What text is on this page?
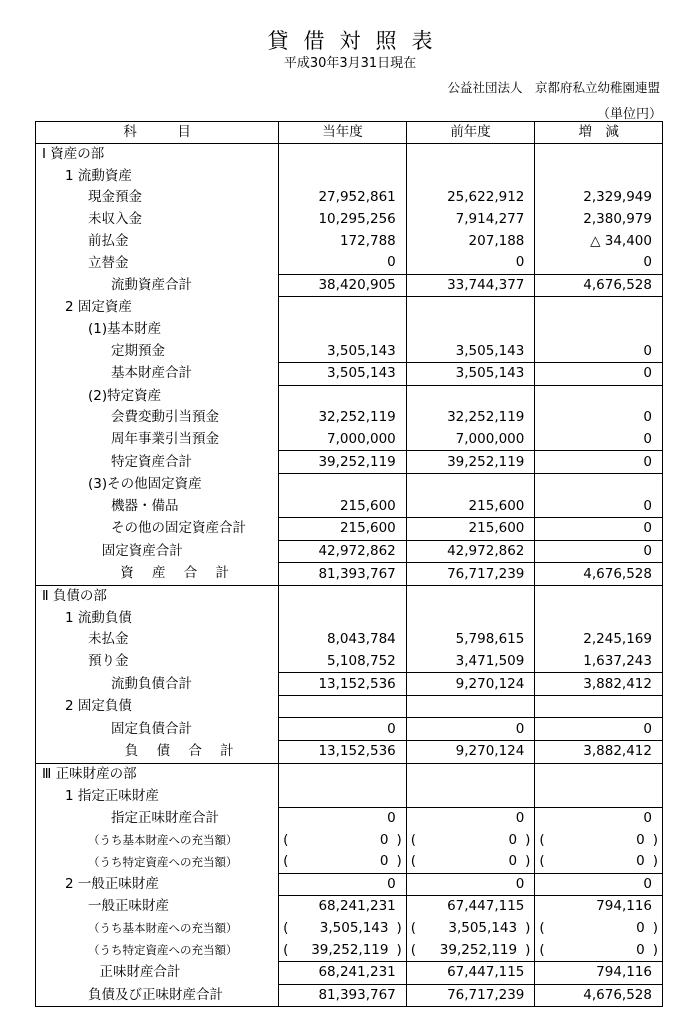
貸借対照表
平成30年3月31日現在
公益社団法人　京都府私立幼稚園連盟
（単位円）
科　　　目	当年度	前年度	増　減
Ⅰ 資産の部			
1 流動資産			
現金預金	27,952,861	25,622,912	2,329,949
未収入金	10,295,256	7,914,277	2,380,979
前払金	172,788	207,188	△ 34,400
立替金	0	0	0
流動資産合計	38,420,905	33,744,377	4,676,528
2 固定資産			
(1)基本財産			
定期預金	3,505,143	3,505,143	0
基本財産合計	3,505,143	3,505,143	0
(2)特定資産			
会費変動引当預金	32,252,119	32,252,119	0
周年事業引当預金	7,000,000	7,000,000	0
特定資産合計	39,252,119	39,252,119	0
(3)その他固定資産			
機器・備品	215,600	215,600	0
その他の固定資産合計	215,600	215,600	0
固定資産合計	42,972,862	42,972,862	0
資 産 合 計	81,393,767	76,717,239	4,676,528
Ⅱ 負債の部			
1 流動負債			
未払金	8,043,784	5,798,615	2,245,169
預り金	5,108,752	3,471,509	1,637,243
流動負債合計	13,152,536	9,270,124	3,882,412
2 固定負債			
固定負債合計	0	0	0
負 債 合 計	13,152,536	9,270,124	3,882,412
Ⅲ 正味財産の部			
1 指定正味財産			
指定正味財産合計	0	0	0
（うち基本財産への充当額）	( 0 )	( 0 )	( 0 )

（うち特定資産への充当額）	( 0 )	( 0 )	( 0 )

2 一般正味財産	0	0	0
一般正味財産	68,241,231	67,447,115	794,116
（うち基本財産への充当額）	( 3,505,143 )	( 3,505,143 )	( 0 )

（うち特定資産への充当額）	( 39,252,119 )	( 39,252,119 )	( 0 )

正味財産合計	68,241,231	67,447,115	794,116
負債及び正味財産合計	81,393,767	76,717,239	4,676,528
